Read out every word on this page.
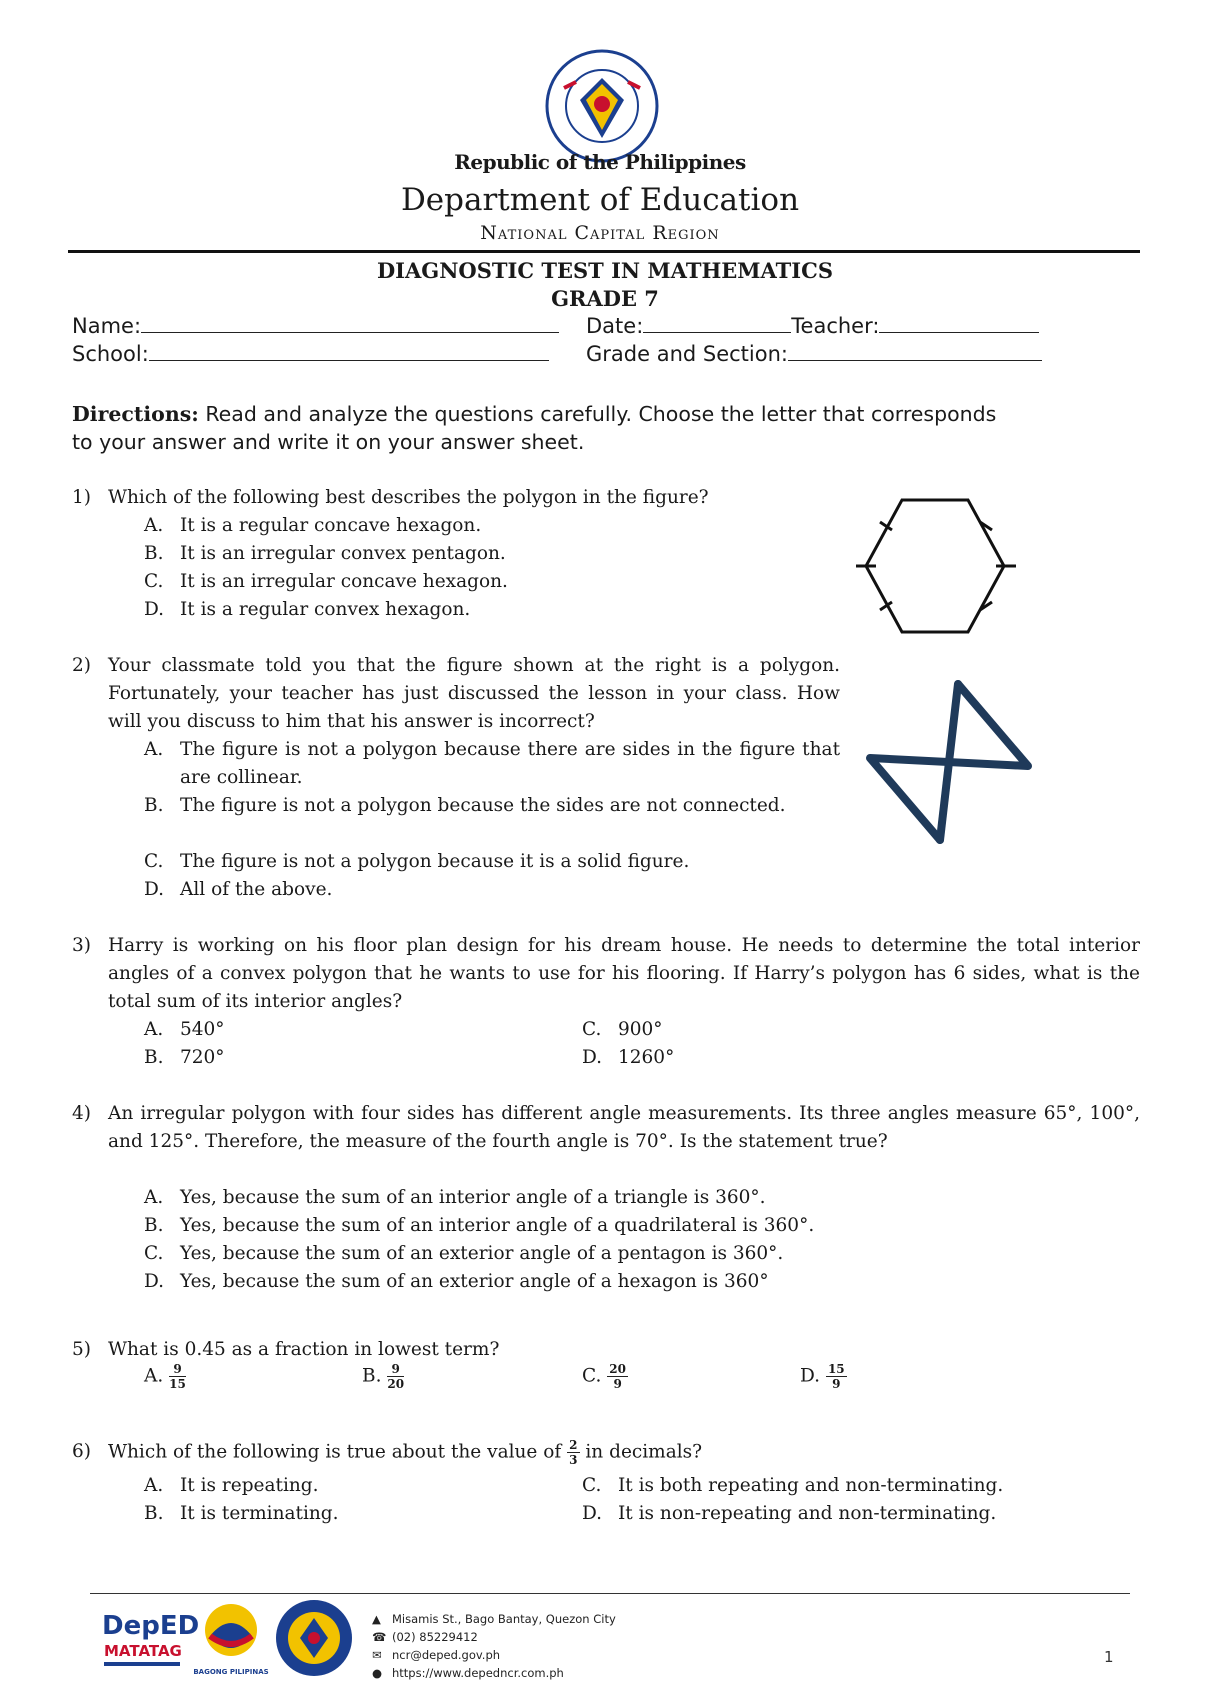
Republic of the Philippines
Department of Education
National Capital Region
DIAGNOSTIC TEST IN MATHEMATICS
GRADE 7
Name:	Date:	Teacher:
School:	Grade and Section:
Directions: Read and analyze the questions carefully. Choose the letter that corresponds to your answer and write it on your answer sheet.
1) Which of the following best describes the polygon in the figure?
A. It is a regular concave hexagon.
B. It is an irregular convex pentagon.
C. It is an irregular concave hexagon.
D. It is a regular convex hexagon.
2) Your classmate told you that the figure shown at the right is a polygon. Fortunately, your teacher has just discussed the lesson in your class. How will you discuss to him that his answer is incorrect?
A. The figure is not a polygon because there are sides in the figure that are collinear.
B. The figure is not a polygon because the sides are not connected.
C. The figure is not a polygon because it is a solid figure.
D. All of the above.
3) Harry is working on his floor plan design for his dream house. He needs to determine the total interior angles of a convex polygon that he wants to use for his flooring. If Harry’s polygon has 6 sides, what is the total sum of its interior angles?
A. 540°
B. 720°
C. 900°
D. 1260°
4) An irregular polygon with four sides has different angle measurements. Its three angles measure 65°, 100°, and 125°. Therefore, the measure of the fourth angle is 70°. Is the statement true?
A. Yes, because the sum of an interior angle of a triangle is 360°.
B. Yes, because the sum of an interior angle of a quadrilateral is 360°.
C. Yes, because the sum of an exterior angle of a pentagon is 360°.
D. Yes, because the sum of an exterior angle of a hexagon is 360°
5) What is 0.45 as a fraction in lowest term?
A. $\frac{9}{15}$	B. $\frac{9}{20}$	C. $\frac{20}{9}$	D. $\frac{15}{9}$
6) Which of the following is true about the value of $\frac{2}{3}$ in decimals?
A. It is repeating.
B. It is terminating.
C. It is both repeating and non-terminating.
D. It is non-repeating and non-terminating.
DepED
MATATAG
BAGONG PILIPINAS
▲ Misamis St., Bago Bantay, Quezon City
☎ (02) 85229412
✉ ncr@deped.gov.ph
● https://www.depedncr.com.ph
1
